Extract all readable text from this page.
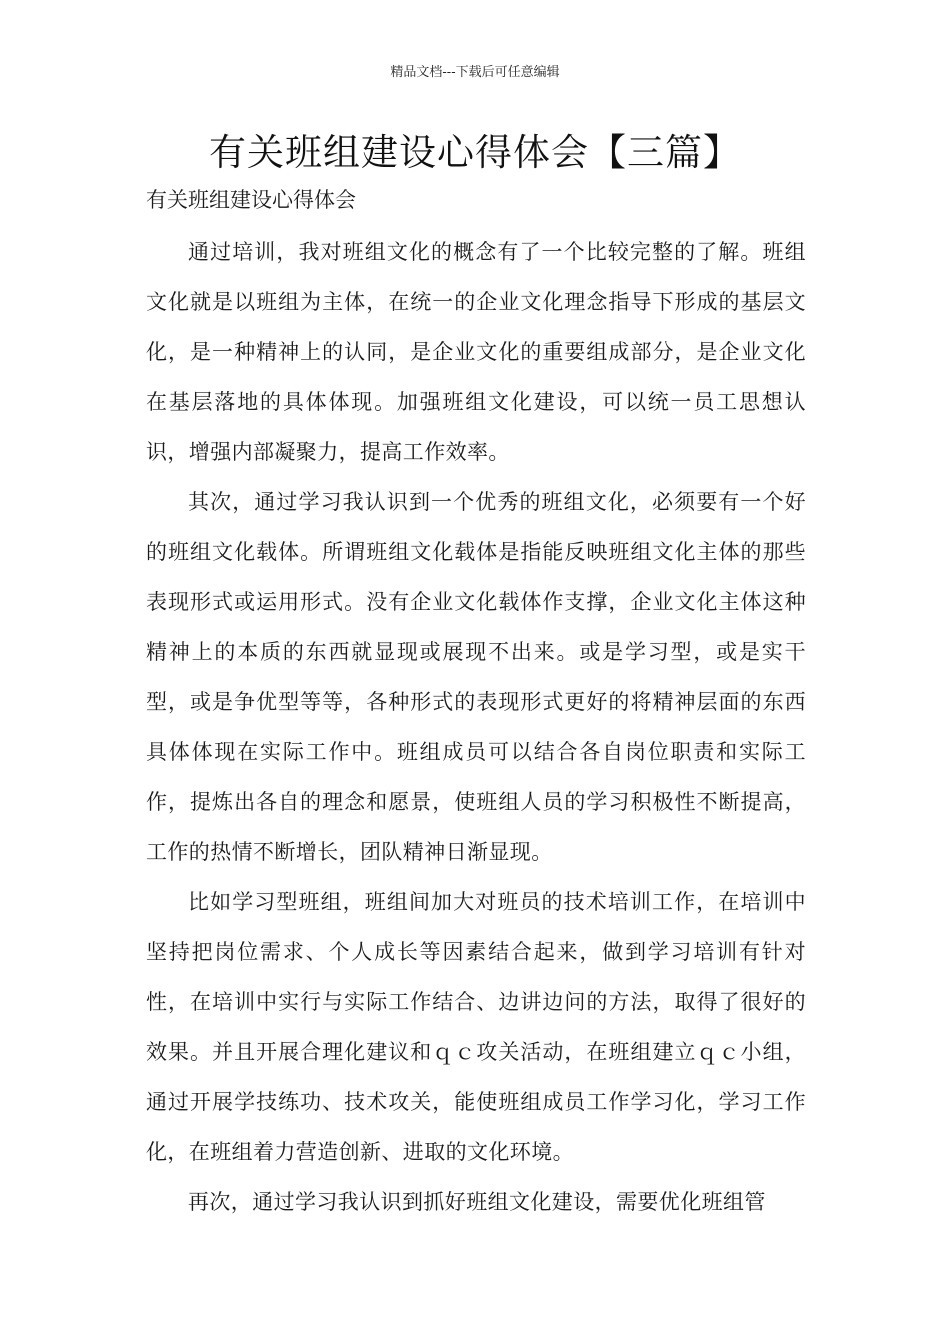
精品文档---下载后可任意编辑
有关班组建设心得体会【三篇】
有关班组建设心得体会

通过培训，我对班组文化的概念有了一个比较完整的了解。班组文化就是以班组为主体，在统一的企业文化理念指导下形成的基层文化，是一种精神上的认同，是企业文化的重要组成部分，是企业文化在基层落地的具体体现。加强班组文化建设，可以统一员工思想认识，增强内部凝聚力，提高工作效率。

其次，通过学习我认识到一个优秀的班组文化，必须要有一个好的班组文化载体。所谓班组文化载体是指能反映班组文化主体的那些表现形式或运用形式。没有企业文化载体作支撑，企业文化主体这种精神上的本质的东西就显现或展现不出来。或是学习型，或是实干型，或是争优型等等，各种形式的表现形式更好的将精神层面的东西具体体现在实际工作中。班组成员可以结合各自岗位职责和实际工作，提炼出各自的理念和愿景，使班组人员的学习积极性不断提高，工作的热情不断增长，团队精神日渐显现。

比如学习型班组，班组间加大对班员的技术培训工作，在培训中坚持把岗位需求、个人成长等因素结合起来，做到学习培训有针对性，在培训中实行与实际工作结合、边讲边问的方法，取得了很好的效果。并且开展合理化建议和ｑｃ攻关活动，在班组建立ｑｃ小组，通过开展学技练功、技术攻关，能使班组成员工作学习化，学习工作化，在班组着力营造创新、进取的文化环境。

再次，通过学习我认识到抓好班组文化建设，需要优化班组管
